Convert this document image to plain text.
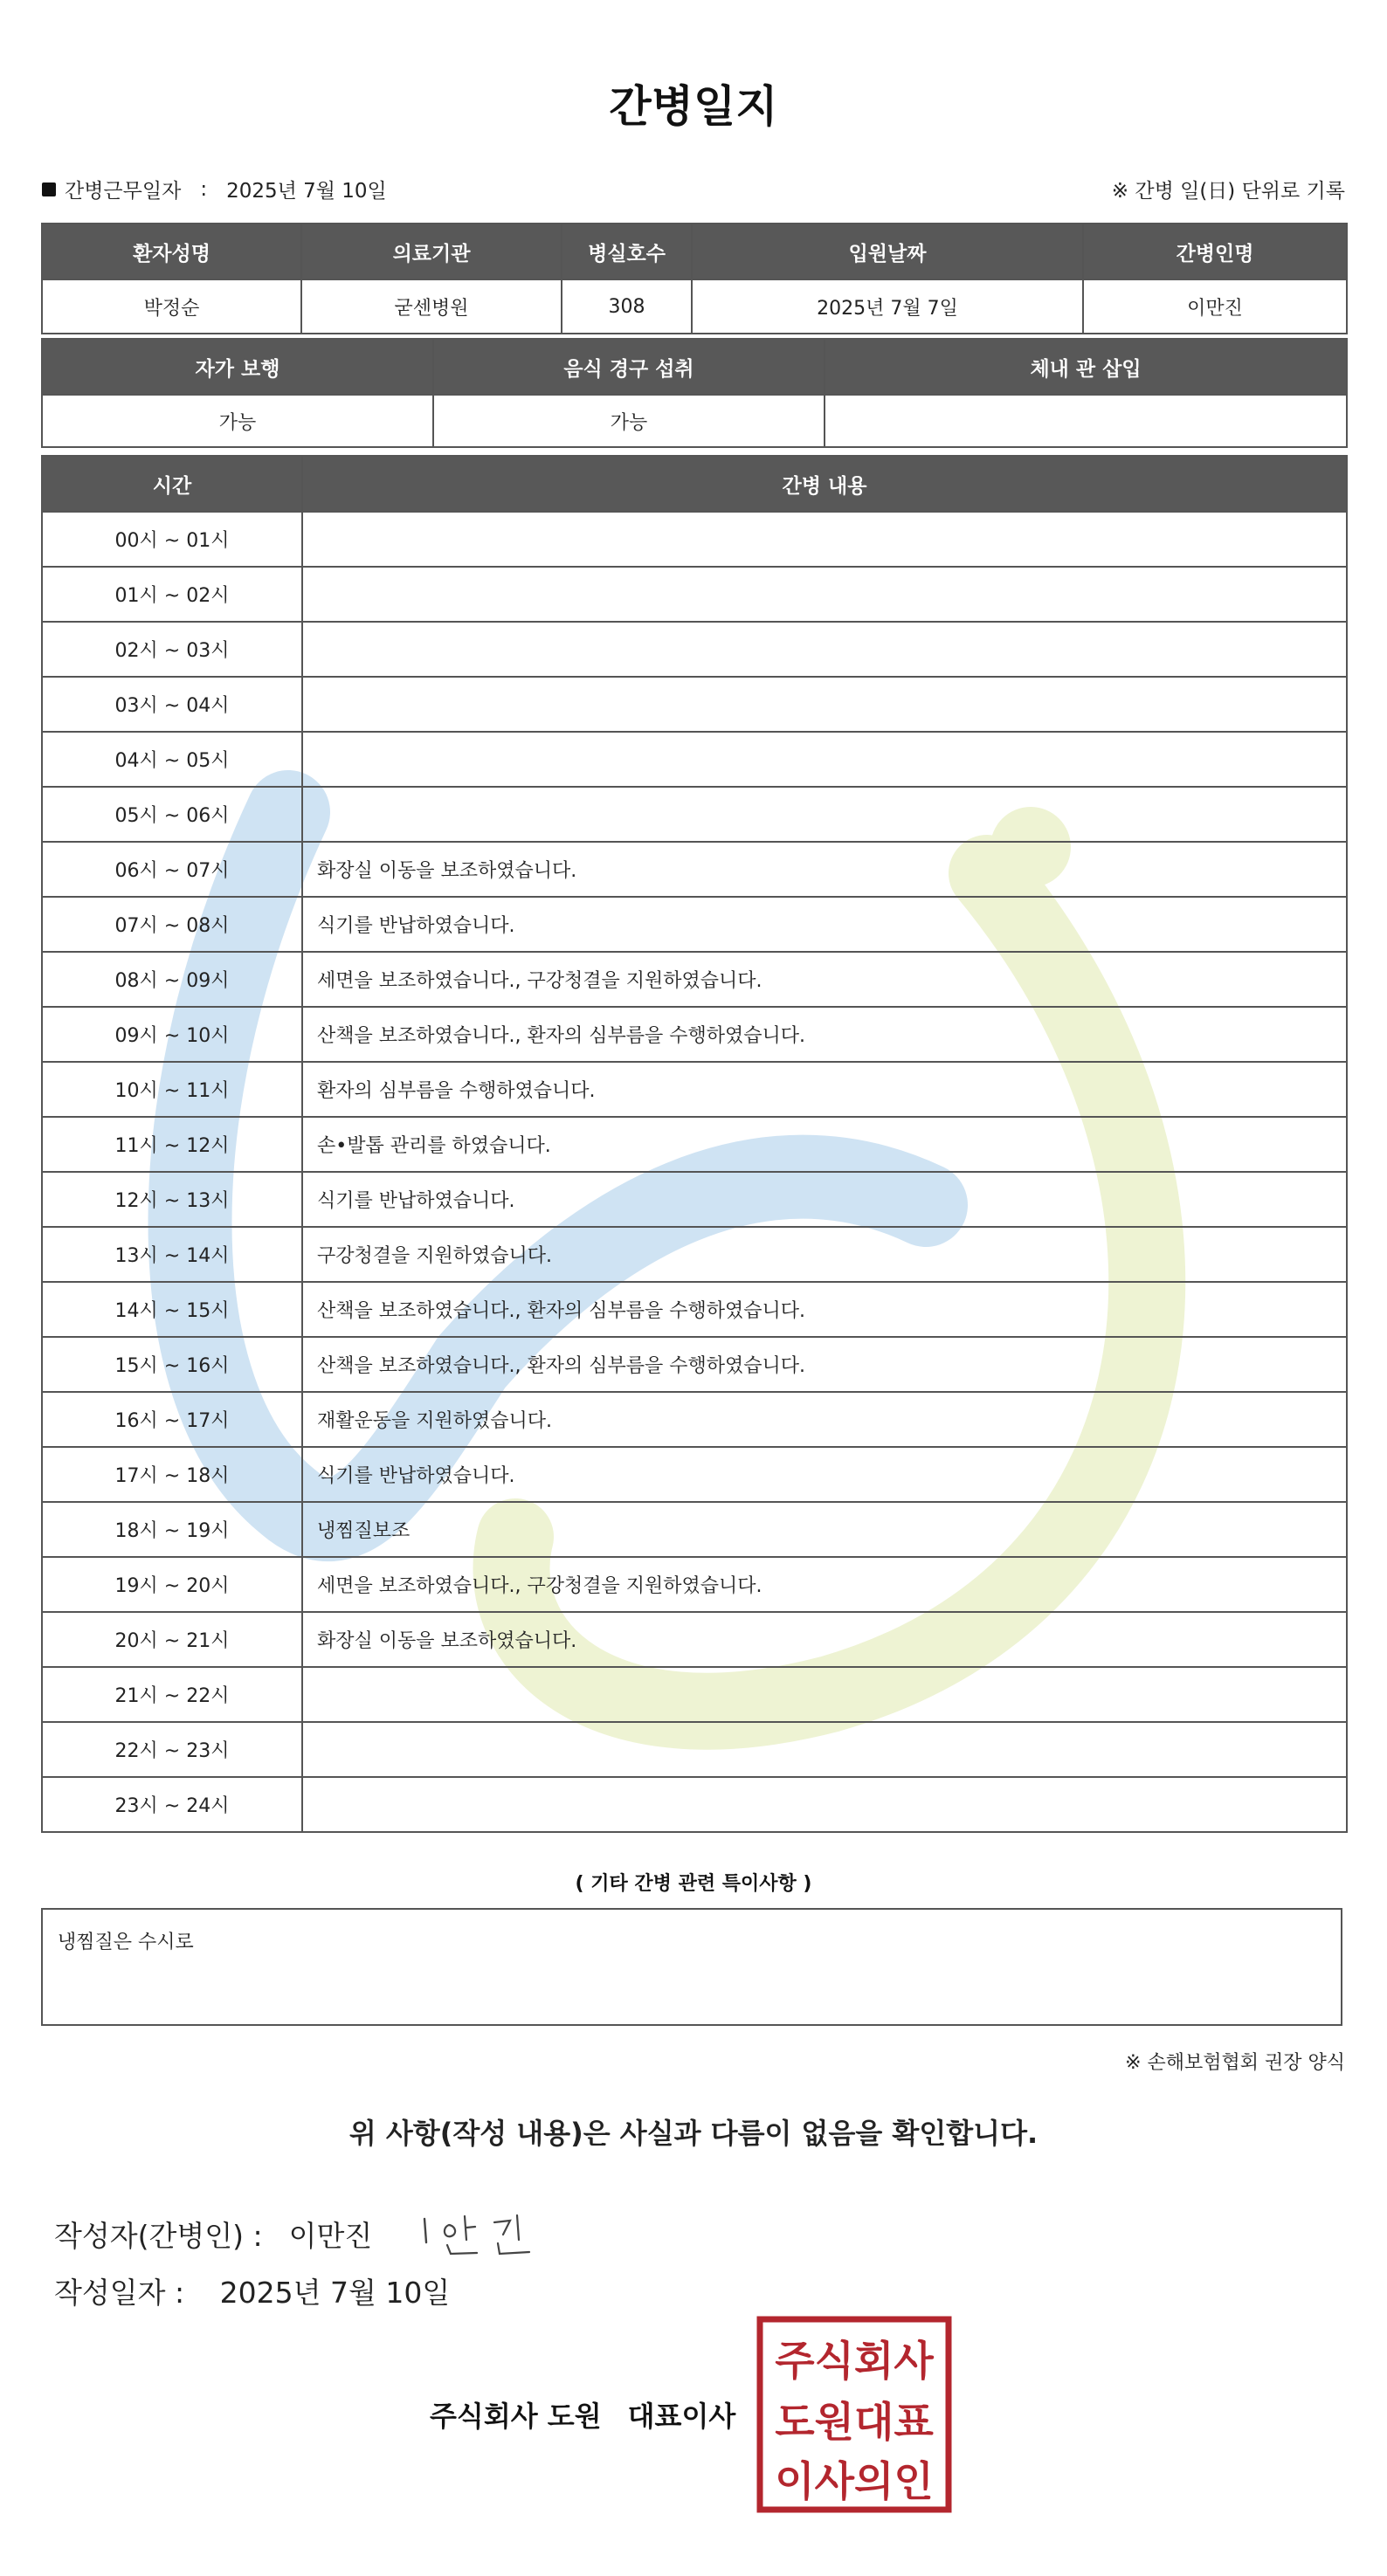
간병일지
간병근무일자 : 2025년 7월 10일	※ 간병 일(日) 단위로 기록
환자성명	의료기관	병실호수	입원날짜	간병인명
박정순	굳센병원	308	2025년 7월 7일	이만진
자가 보행	음식 경구 섭취	체내 관 삽입
가능	가능	
시간	간병 내용
00시 ~ 01시	
01시 ~ 02시	
02시 ~ 03시	
03시 ~ 04시	
04시 ~ 05시	
05시 ~ 06시	
06시 ~ 07시	화장실 이동을 보조하였습니다.
07시 ~ 08시	식기를 반납하였습니다.
08시 ~ 09시	세면을 보조하였습니다., 구강청결을 지원하였습니다.
09시 ~ 10시	산책을 보조하였습니다., 환자의 심부름을 수행하였습니다.
10시 ~ 11시	환자의 심부름을 수행하였습니다.
11시 ~ 12시	손•발톱 관리를 하였습니다.
12시 ~ 13시	식기를 반납하였습니다.
13시 ~ 14시	구강청결을 지원하였습니다.
14시 ~ 15시	산책을 보조하였습니다., 환자의 심부름을 수행하였습니다.
15시 ~ 16시	산책을 보조하였습니다., 환자의 심부름을 수행하였습니다.
16시 ~ 17시	재활운동을 지원하였습니다.
17시 ~ 18시	식기를 반납하였습니다.
18시 ~ 19시	냉찜질보조
19시 ~ 20시	세면을 보조하였습니다., 구강청결을 지원하였습니다.
20시 ~ 21시	화장실 이동을 보조하였습니다.
21시 ~ 22시	
22시 ~ 23시	
23시 ~ 24시	
( 기타 간병 관련 특이사항 )
냉찜질은 수시로
※ 손해보험협회 권장 양식
위 사항(작성 내용)은 사실과 다름이 없음을 확인합니다.
작성자(간병인) : 이만진
작성일자 : 2025년 7월 10일
주식회사 도원 대표이사
주식회사
도원대표
이사의인
